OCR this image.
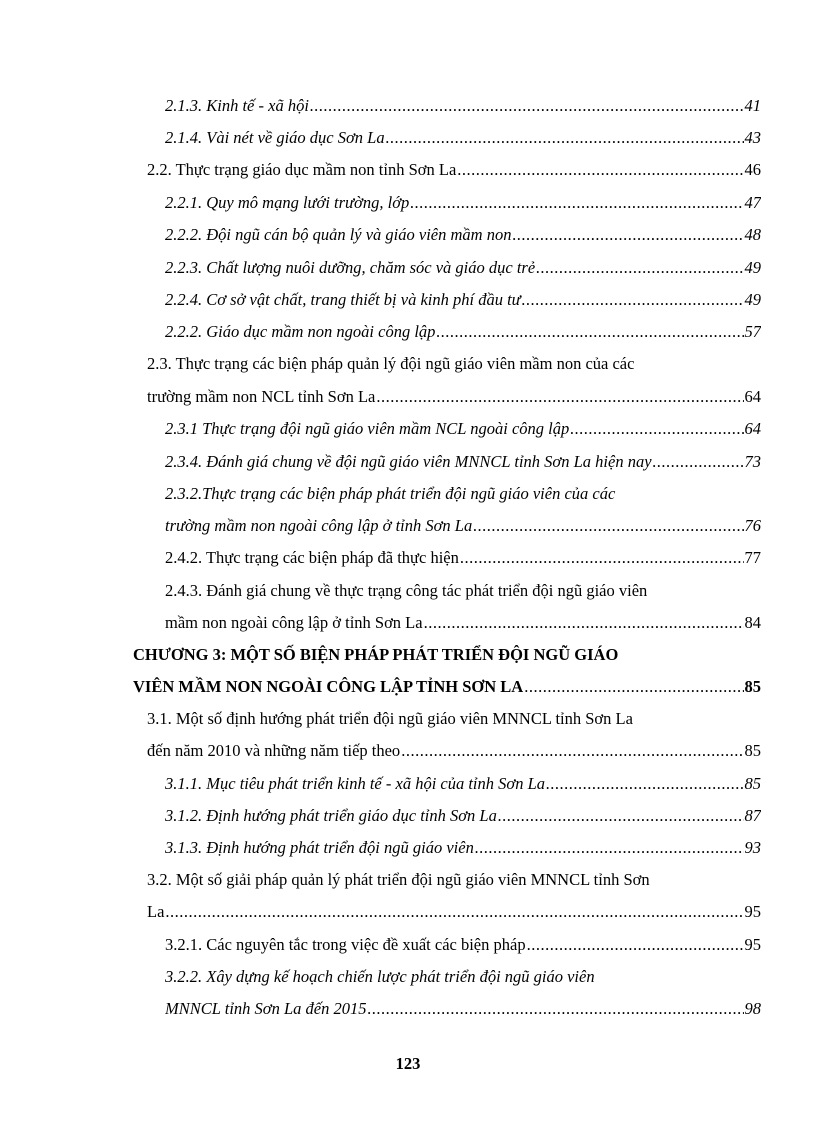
2.1.3. Kinh tế - xã hội .....	41
2.1.4. Vài nét về giáo dục Sơn La .....	43
2.2. Thực trạng giáo dục mầm non tỉnh Sơn La .....	46
2.2.1. Quy mô mạng lưới trường, lớp .....	47
2.2.2. Đội ngũ cán bộ quản lý và giáo viên mầm non .....	48
2.2.3. Chất lượng nuôi dưỡng, chăm sóc và giáo dục trẻ .....	49
2.2.4. Cơ sở vật chất, trang thiết bị và kinh phí đầu tư .....	49
2.2.2. Giáo dục mầm non ngoài công lập .....	57
2.3. Thực trạng các biện pháp quản lý đội ngũ giáo viên mầm non của các
trường mầm non NCL tỉnh Sơn La .....	64
2.3.1 Thực trạng đội ngũ giáo viên mầm NCL ngoài công lập .....	64
2.3.4. Đánh giá chung về đội ngũ giáo viên MNNCL tỉnh Sơn La hiện nay .....	73
2.3.2.Thực trạng các biện pháp phát triển đội ngũ giáo viên của các
trường mầm non ngoài công lập ở tỉnh Sơn La .....	76
2.4.2. Thực trạng các biện pháp đã thực hiện .....	77
2.4.3. Đánh giá chung về thực trạng công tác phát triển đội ngũ giáo viên
mầm non ngoài công lập ở tỉnh Sơn La .....	84
CHƯƠNG 3: MỘT SỐ BIỆN PHÁP PHÁT TRIỂN ĐỘI NGŨ GIÁO
VIÊN MẦM NON NGOÀI CÔNG LẬP TỈNH SƠN LA .....	85
3.1. Một số định hướng phát triển đội ngũ giáo viên MNNCL tỉnh Sơn La
đến năm 2010 và những năm tiếp theo .....	85
3.1.1. Mục tiêu phát triển kinh tế - xã hội của tỉnh Sơn La .....	85
3.1.2. Định hướng phát triển giáo dục tỉnh Sơn La .....	87
3.1.3. Định hướng phát triển đội ngũ giáo viên .....	93
3.2. Một số giải pháp quản lý phát triển đội ngũ giáo viên MNNCL tỉnh Sơn
La .....	95
3.2.1. Các nguyên tắc trong việc đề xuất các biện pháp .....	95
3.2.2. Xây dựng kế hoạch chiến lược phát triển đội ngũ giáo viên
MNNCL tỉnh Sơn La đến 2015 .....	98
123
